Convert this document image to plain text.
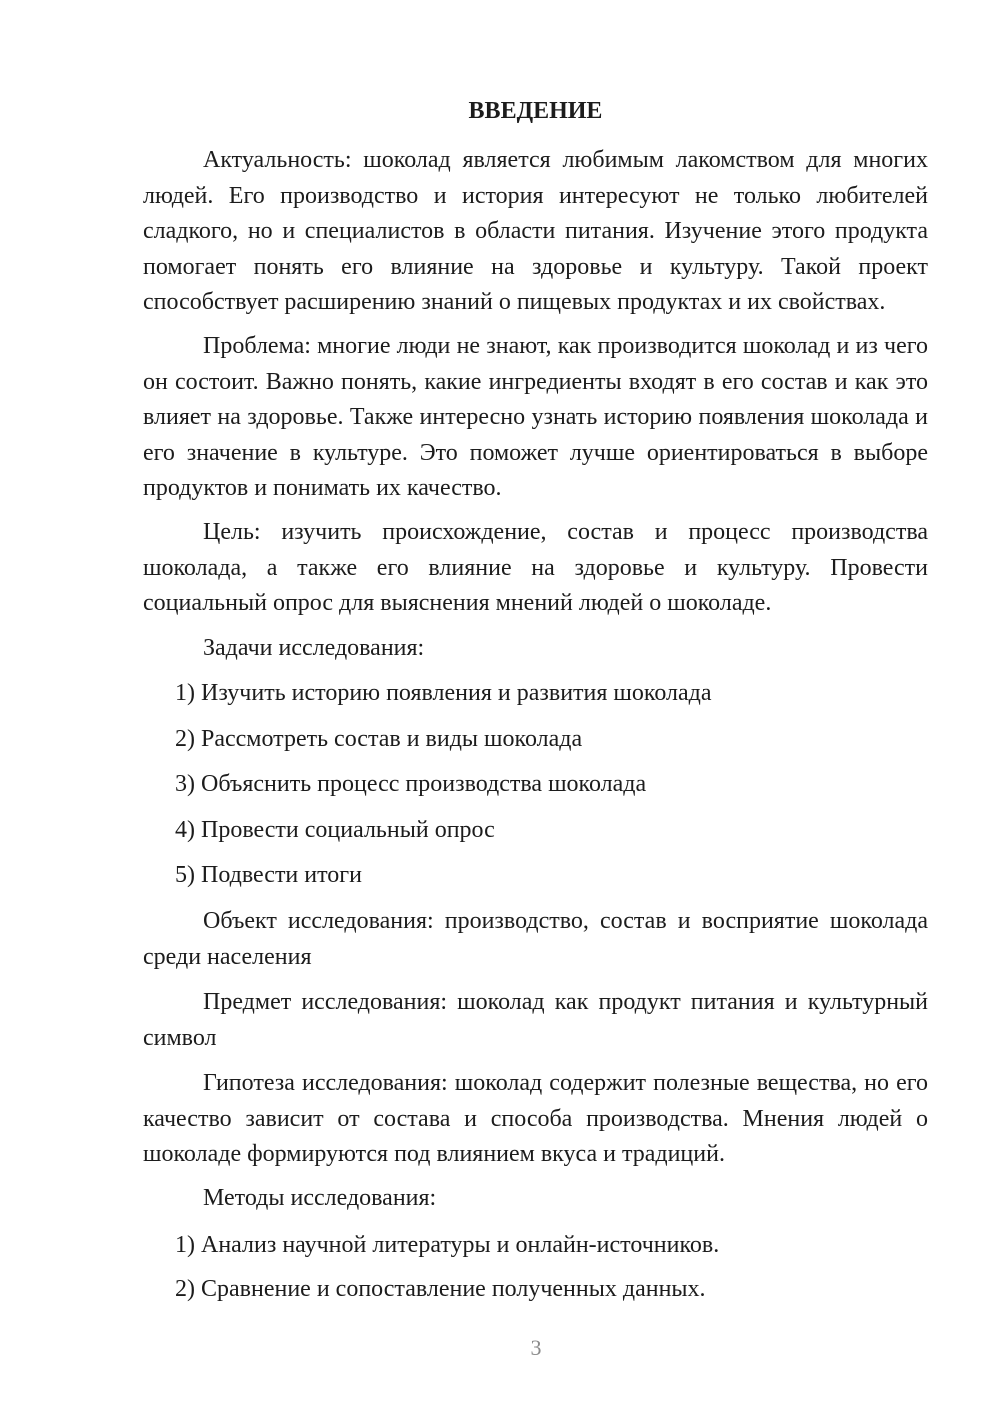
ВВЕДЕНИЕ

Актуальность: шоколад является любимым лакомством для многих людей. Его производство и история интересуют не только любителей сладкого, но и специалистов в области питания. Изучение этого продукта помогает понять его влияние на здоровье и культуру. Такой проект способствует расширению знаний о пищевых продуктах и их свойствах.

Проблема: многие люди не знают, как производится шоколад и из чего он состоит. Важно понять, какие ингредиенты входят в его состав и как это влияет на здоровье. Также интересно узнать историю появления шоколада и его значение в культуре. Это поможет лучше ориентироваться в выборе продуктов и понимать их качество.

Цель: изучить происхождение, состав и процесс производства шоколада, а также его влияние на здоровье и культуру. Провести социальный опрос для выяснения мнений людей о шоколаде.

Задачи исследования:

1) Изучить историю появления и развития шоколада

2) Рассмотреть состав и виды шоколада

3) Объяснить процесс производства шоколада

4) Провести социальный опрос

5) Подвести итоги

Объект исследования: производство, состав и восприятие шоколада среди населения

Предмет исследования: шоколад как продукт питания и культурный символ

Гипотеза исследования: шоколад содержит полезные вещества, но его качество зависит от состава и способа производства. Мнения людей о шоколаде формируются под влиянием вкуса и традиций.

Методы исследования:

1) Анализ научной литературы и онлайн-источников.

2) Сравнение и сопоставление полученных данных.

3
